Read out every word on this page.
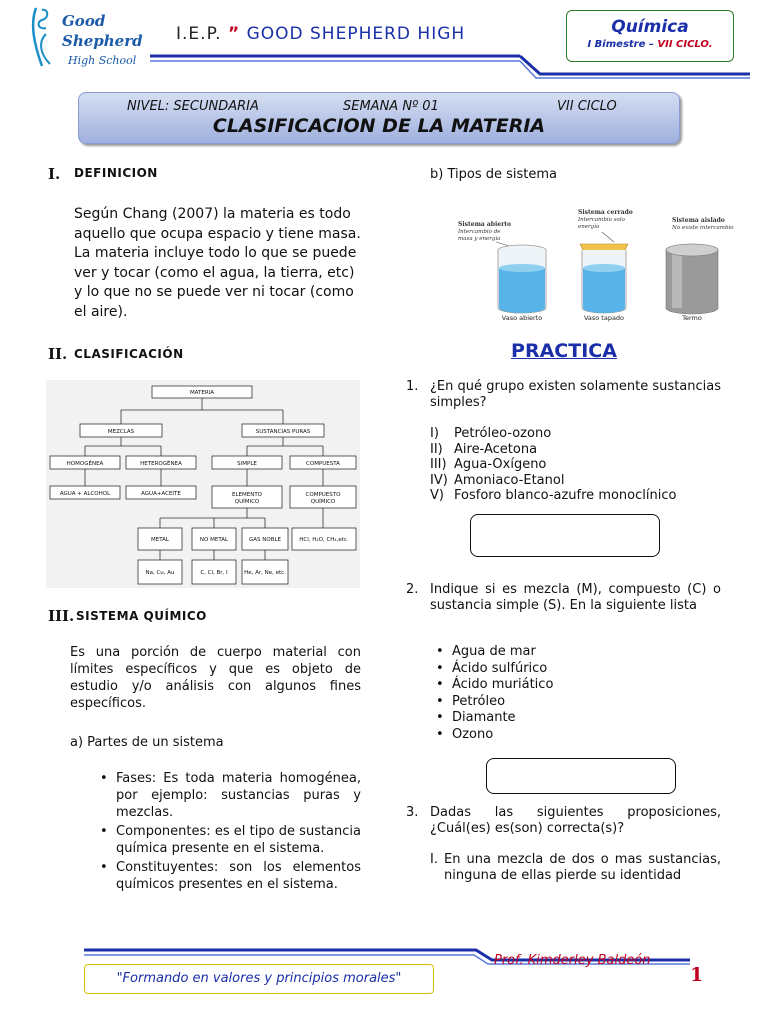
Good
Shepherd
High School
I.E.P. ” GOOD SHEPHERD HIGH	Química
I Bimestre – VII CICLO.
NIVEL: SECUNDARIA	SEMANA Nº 01	VII CICLO
CLASIFICACION DE LA MATERIA
I. DEFINICION
Según Chang (2007) la materia es todo aquello que ocupa espacio y tiene masa. La materia incluye todo lo que se puede ver y tocar (como el agua, la tierra, etc) y lo que no se puede ver ni tocar (como el aire).
II. CLASIFICACIÓN
MATERIA
MEZCLAS	SUSTANCIAS PURAS
HOMOGÉNEA	HETEROGÉNEA	SIMPLE	COMPUESTA
AGUA + ALCOHOL	AGUA+ACEITE	ELEMENTO
QUÍMICO
COMPUESTO
QUÍMICO
METAL	NO METAL	GAS NOBLE	HCl, H₂O, CH₄,etc.
Na, Cu, Au	C, Cl, Br, I	He, Ar, Ne, etc.
III. SISTEMA QUÍMICO
Es una porción de cuerpo material con límites específicos y que es objeto de estudio y/o análisis con algunos fines específicos.
a) Partes de un sistema
• Fases: Es toda materia homogénea, por ejemplo: sustancias puras y mezclas.
• Componentes: es el tipo de sustancia química presente en el sistema.
• Constituyentes: son los elementos químicos presentes en el sistema.
b) Tipos de sistema
Sistema abierto
Intercambio de
masa y energía
Sistema cerrado
Intercambio solo
energía
Sistema aislado
No existe intercambio
Vaso abierto	Vaso tapado	Termo
PRACTICA
1. ¿En qué grupo existen solamente sustancias simples?
I) Petróleo-ozono
II) Aire-Acetona
III) Agua-Oxígeno
IV) Amoniaco-Etanol
V) Fosforo blanco-azufre monoclínico
2. Indique si es mezcla (M), compuesto (C) o sustancia simple (S). En la siguiente lista
• Agua de mar
• Ácido sulfúrico
• Ácido muriático
• Petróleo
• Diamante
• Ozono
3. Dadas las siguientes proposiciones, ¿Cuál(es) es(son) correcta(s)?
I. En una mezcla de dos o mas sustancias, ninguna de ellas pierde su identidad
Prof. Kimderley Baldeón
"Formando en valores y principios morales"	1
